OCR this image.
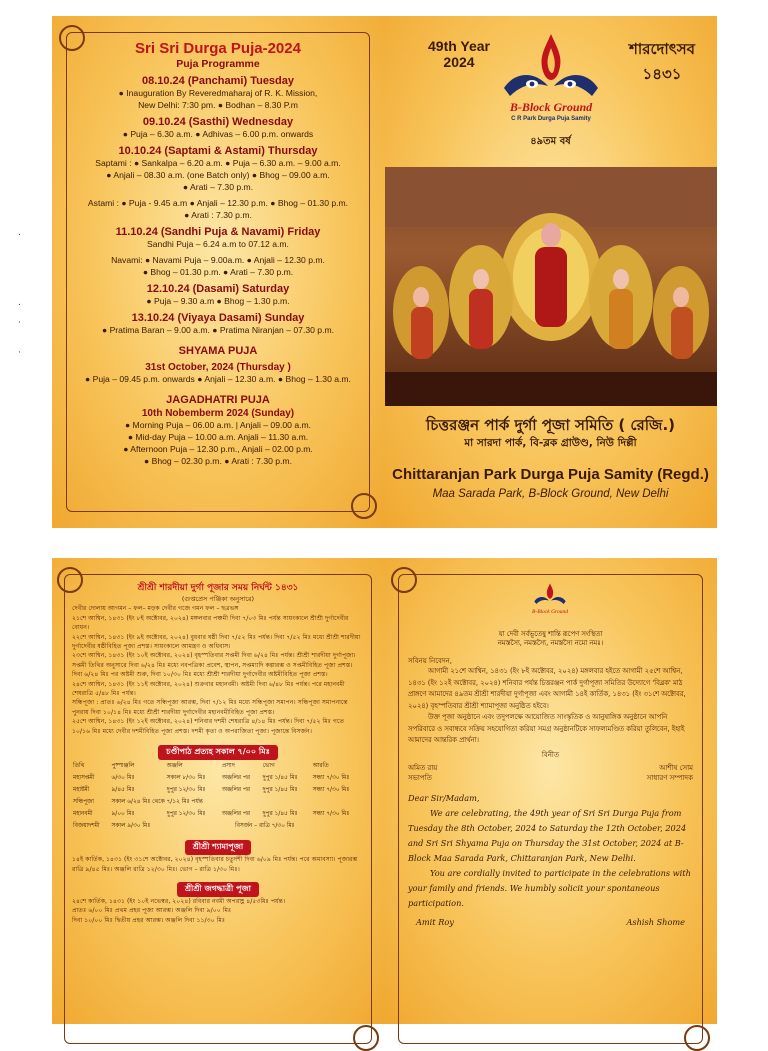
.
.
·
·
Sri Sri Durga Puja-2024
Puja Programme
08.10.24 (Panchami) Tuesday
● Inauguration By Reveredmaharaj of R. K. Mission,
New Delhi: 7:30 pm. ● Bodhan – 8.30 P.m
09.10.24 (Sasthi) Wednesday
● Puja – 6.30 a.m. ● Adhivas – 6.00 p.m. onwards
10.10.24 (Saptami & Astami) Thursday
Saptami : ● Sankalpa – 6.20 a.m. ● Puja – 6.30 a.m. – 9.00 a.m.
● Anjali – 08.30 a.m. (one Batch only) ● Bhog – 09.00 a.m.
● Arati – 7.30 p.m.
Astami : ● Puja - 9.45 a.m ● Anjali – 12.30 p.m. ● Bhog – 01.30 p.m.
● Arati : 7.30 p.m.
11.10.24 (Sandhi Puja & Navami) Friday
Sandhi Puja – 6.24 a.m to 07.12 a.m.
Navami: ● Navami Puja – 9.00a.m. ● Anjali – 12.30 p.m.
● Bhog – 01.30 p.m. ● Arati – 7.30 p.m.
12.10.24 (Dasami) Saturday
● Puja – 9.30 a.m ● Bhog – 1.30 p.m.
13.10.24 (Viyaya Dasami) Sunday
● Pratima Baran – 9.00 a.m. ● Pratima Niranjan – 07.30 p.m.
SHYAMA PUJA
31st October, 2024 (Thursday )
● Puja – 09.45 p.m. onwards ● Anjali – 12.30 a.m. ● Bhog – 1.30 a.m.
JAGADHATRI PUJA
10th Nobemberm 2024 (Sunday)
● Morning Puja – 06.00 a.m. | Anjali – 09.00 a.m.
● Mid-day Puja – 10.00 a.m. Anjali – 11.30 a.m.
● Afternoon Puja – 12.30 p.m., Anjali – 02.00 p.m.
● Bhog – 02.30 p.m. ● Arati : 7.30 p.m.
49th Year
2024
শারদোৎসব
১৪৩১
B-Block Ground
C R Park Durga Puja Samity
৪৯তম বর্ষ
চিত্তরঞ্জন পার্ক দুর্গা পূজা সমিতি ( রেজি.)
মা সারদা পার্ক, বি-ব্লক গ্রাউণ্ড, নিউ দিল্লী
Chittaranjan Park Durga Puja Samity (Regd.)
Maa Sarada Park, B-Block Ground, New Delhi
শ্রীশ্রী শারদীয়া দুর্গা পূজার সময় নির্ঘন্ট ১৪৩১
(গুপ্তপ্রেস পঞ্জিকা অনুসারে)
দেবীর দোলায় আগমন – ফল– মড়ক দেবীর গজে গমন ফল – ছত্রভঙ্গ
২১শে আশ্বিন, ১৪৩১ (ইং ৮ই অক্টোবর, ২০২৪) মঙ্গলবার পঞ্চমী দিবা ৭/০৩ মিঃ পর্যন্ত সায়ংকালে শ্রীশ্রী দুর্গাদেবীর বোধন।
২২শে আশ্বিন, ১৪৩১ (ইং ৯ই অক্টোবর, ২০২৪) বুধবার ষষ্ঠী দিবা ৭/৫২ মিঃ পর্যন্ত। দিবা ৭/৫২ মিঃ মধ্যে শ্রীশ্রী শারদীয়া দুর্গাদেবীর ষষ্ঠীবিহিত পূজা প্রশস্ত। সায়ংকালে আমন্ত্রণ ও অধিবাস।
২৩শে আশ্বিন, ১৪৩১ (ইং ১০ই অক্টোবর, ২০২৪) বৃহস্পতিবার সপ্তমী দিবা ৬/২৪ মিঃ পর্যন্ত। শ্রীশ্রী শারদীয়া দুর্গাপূজা। সপ্তমী তিথির অনুসারে দিবা ৬/২৪ মিঃ মধ্যে নবপত্রিকা প্রবেশ, স্থাপন, সপ্তম্যাদি কল্পারম্ভ ও সপ্তমীবিহিত পূজা প্রশস্ত। দিবা ৬/২৪ মিঃ পর অষ্টমী শুরু, দিবা ১০/৩০ মিঃ মধ্যে শ্রীশ্রী শারদীয়া দুর্গাদেবীর অষ্টমীবিহিত পূজা প্রশস্ত।
২৪শে আশ্বিন, ১৪৩১ (ইং ১১ই অক্টোবর, ২০২৪) শুক্রবার মহানবমী। অষ্টমী দিবা ৬/৪৮ মিঃ পর্যন্ত। পরে মহানবমী শেষরাত্রি ৫/৪৮ মিঃ পর্যন্ত।
সন্ধিপূজা : প্রাতঃ ৬/২৪ মিঃ গতে সন্ধিপূজা আরম্ভ, দিবা ৭/১২ মিঃ মধ্যে সন্ধিপূজা সমাপন। সন্ধিপূজা সমাপনান্তে পুনরায় দিবা ১০/১৪ মিঃ মধ্যে শ্রীশ্রী শারদীয়া দুর্গাদেবীর মহানবমীবিহিত পূজা প্রশস্ত।
২৫শে আশ্বিন, ১৪৩১ (ইং ১২ই অক্টোবর, ২০২৪) শনিবার দশমী শেষরাত্রি ৪/১৪ মিঃ পর্যন্ত। দিবা ৭/৫২ মিঃ গতে ১০/১৬ মিঃ মধ্যে দেবীর দশমীবিহিত পূজা প্রশস্ত। দশমী কৃত্য ও অপরাজিতা পূজা। পূজান্তে বিসর্জন।
চণ্ডীপাঠ প্রত্যহ সকাল ৭/০০ মিঃ
তিথি	পুষ্পাঞ্জলি	অঞ্জলি	প্রসাদ	ভোগ	আরতি
মহাসপ্তমী	৬/৩০ মিঃ	সকাল ৮/৩০ মিঃ	অঞ্জলির পর	দুপুর ১/৪৫ মিঃ	সন্ধ্যা ৭/৩০ মিঃ
মহাষ্টমী	৯/৪৫ মিঃ	দুপুর ১২/৩০ মিঃ	অঞ্জলির পর	দুপুর ১/৪৫ মিঃ	সন্ধ্যা ৭/৩০ মিঃ
সন্ধিপূজা	সকাল ৬/২৪ মিঃ থেকে ৭/১২ মিঃ পর্যন্ত				
মহানবমী	৯/০০ মিঃ	দুপুর ১২/৩০ মিঃ	অঞ্জলির পর	দুপুর ১/৪৫ মিঃ	সন্ধ্যা ৭/৩০ মিঃ
বিজয়াদশমী	সকাল ৯/৩০ মিঃ	বিসর্জন – রাত্রি ৭/৩০ মিঃ			
শ্রীশ্রী শ্যামাপূজা
১৪ই কার্তিক, ১৪৩১ (ইং ৩১শে অক্টোবর, ২০২৪) বৃহস্পতিবার চতুর্দশী দিবা ৬/০৯ মিঃ পর্যন্ত। পরে অমাবস্যা। পূজারম্ভ রাত্রি ৯/৪৫ মিঃ। অঞ্জলি রাত্রি ১২/৩০ মিঃ। ভোগ – রাত্রি ১/৩০ মিঃ।
শ্রীশ্রী জগদ্ধাত্রী পূজা
২৪শে কার্তিক, ১৪৩১ (ইং ১০ই নভেম্বর, ২০২৪) রবিবার নবমী অপরাহ্ণ ৪/৫৩মিঃ পর্যন্ত।
প্রাতঃ ৬/০০ মিঃ প্রথম প্রহর পূজা আরম্ভ। অঞ্জলি দিবা ৯/০০ মিঃ
দিবা ১০/০০ মিঃ দ্বিতীয় প্রহর আরম্ভ। অঞ্জলি দিবা ১১/৩০ মিঃ
B-Block Ground
যা দেবী সর্বভূতেষু শান্তি রূপেণ সংস্থিতা
নমস্তস্যৈ, নমস্তস্যৈ, নমস্তস্যৈ নমো নমঃ।
সবিনয় নিবেদন,
আগামী ২১শে আশ্বিন, ১৪৩১ (ইং ৮ই অক্টোবর, ২০২৪) মঙ্গলবার হইতে আগামী ২৫শে আশ্বিন, ১৪৩১ (ইং ১২ই অক্টোবর, ২০২৪) শনিবার পর্যন্ত চিত্তরঞ্জন পার্ক দুর্গাপূজা সমিতির উদ্যোগে 'বিব্লক' মাঠ প্রাঙ্গণে আমাদের ৪৯তম শ্রীশ্রী শারদীয়া দুর্গাপূজা এবং আগামী ১৪ই কার্তিক, ১৪৩১ (ইং ৩১শে অক্টোবর, ২০২৪) বৃহস্পতিবার শ্রীশ্রী শ্যামাপূজা অনুষ্ঠিত হইবে।
উক্ত পূজা অনুষ্ঠানে এবং তদুপলক্ষে আয়োজিত সাংস্কৃতিক ও আনুষাঙ্গিক অনুষ্ঠানে আপনি সপরিবারে ও সবান্ধবে সক্রিয় সহযোগিতা করিয়া সমগ্র অনুষ্ঠানটিকে সাফল্যমণ্ডিত করিয়া তুলিবেন, ইহাই আমাদের আন্তরিক প্রার্থনা।
বিনীত
অমিত রায়
সভাপতি
আশীষ সোম
সাধারণ সম্পাদক
Dear Sir/Madam,
We are celebrating, the 49th year of Sri Sri Durga Puja from Tuesday the 8th October, 2024 to Saturday the 12th October, 2024 and Sri Sri Shyama Puja on Thursday the 31st October, 2024 at B-Block Maa Sarada Park, Chittaranjan Park, New Delhi.
You are cordially invited to participate in the celebrations with your family and friends. We humbly solicit your spontaneous participation.
Amit Roy	Ashish Shome
